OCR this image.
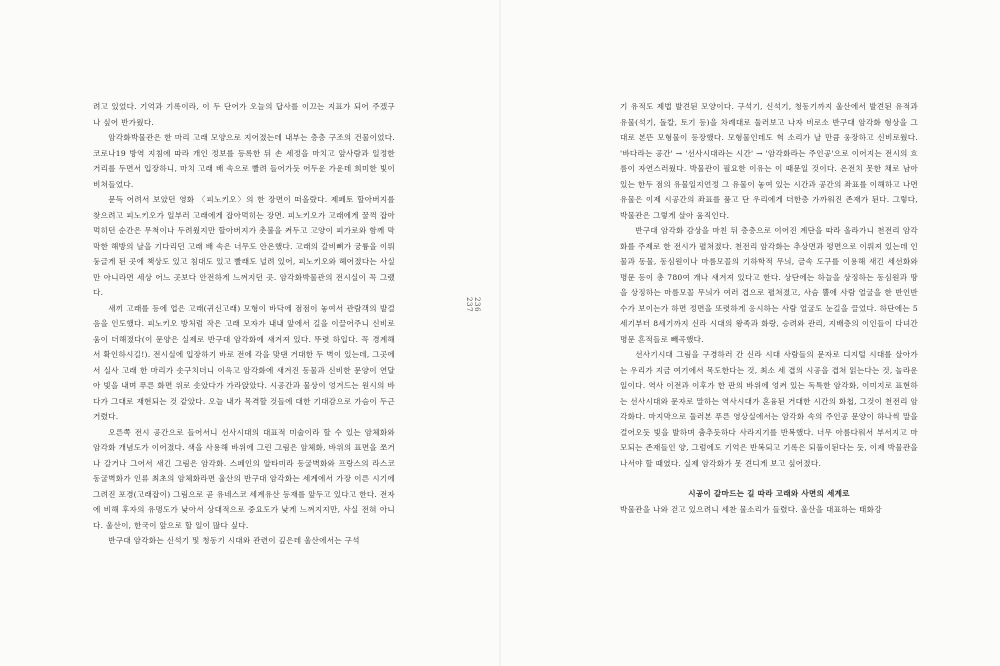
려고 있었다. 기억과 기록이라, 이 두 단어가 오늘의 답사를 이끄는 지표가 되어 주겠구나 싶어 반가웠다.

암각화박물관은 한 마리 고래 모양으로 지어졌는데 내부는 층층 구조의 건물이었다. 코로나19 방역 지침에 따라 개인 정보를 등록한 뒤 손 세정을 마치고 앞사람과 일정한 거리를 두면서 입장하니, 마치 고래 배 속으로 빨려 들어가듯 어두운 가운데 희미한 빛이 비쳐들었다.

문득 어려서 보았던 영화 〈피노키오〉의 한 장면이 떠올랐다. 제페토 할아버지를 찾으려고 피노키오가 일부러 고래에게 잡아먹히는 장면. 피노키오가 고래에게 꿀꺽 잡아먹히던 순간은 무척이나 두려웠지만 할아버지가 촛불을 켜두고 고양이 피가로와 함께 막막한 해방의 날을 기다리던 고래 배 속은 너무도 안온했다. 고래의 갈비뼈가 궁륭을 이뤄 둥글게 된 곳에 책상도 있고 침대도 있고 빨래도 널려 있어, 피노키오와 헤어졌다는 사실만 아니라면 세상 어느 곳보다 안전하게 느껴지던 곳. 암각화박물관의 전시실이 꼭 그랬다.

새끼 고래를 등에 업은 고래(귀신고래) 모형이 바닥에 점점이 놓여서 관람객의 발걸음을 인도했다. 피노키오 방처럼 작은 고래 모자가 내내 앞에서 길을 이끌어주니 신비로움이 더해졌다(이 문양은 실제로 반구대 암각화에 새겨져 있다. 뚜렷 하입다. 꼭 경계해서 확인하시길!). 전시실에 입장하기 바로 전에 각을 맞댄 거대한 두 벽이 있는데, 그곳에서 실사 고래 한 마리가 솟구치더니 이윽고 암각화에 새겨진 동물과 신비한 문양이 연달아 빛을 내며 푸른 화면 위로 솟았다가 가라앉았다. 시공간과 물상이 엉겨드는 원시의 바다가 그대로 재현되는 것 같았다. 오늘 내가 목격할 것들에 대한 기대감으로 가슴이 두근거렸다.

오른쪽 전시 공간으로 들어서니 선사시대의 대표적 미술이라 할 수 있는 암체화와 암각화 개념도가 이어졌다. 색을 사용해 바위에 그린 그림은 암체화, 바위의 표면을 쪼거나 갈거나 그어서 새긴 그림은 암각화. 스페인의 알타미라 동굴벽화와 프랑스의 라스코 동굴벽화가 인류 최초의 암체화라면 울산의 반구대 암각화는 세계에서 가장 이른 시기에 그려진 포경(고래잡이) 그림으로 곧 유네스코 세계유산 등재를 앞두고 있다고 한다. 전자에 비해 후자의 유명도가 낮아서 상대적으로 중요도가 낮게 느껴지지만, 사실 전혀 아니다. 울산이, 한국이 앞으로 할 일이 많다 싶다.

반구대 암각화는 신석기 및 청동기 시대와 관련이 깊은데 울산에서는 구석

236
237

기 유적도 제법 발견된 모양이다. 구석기, 신석기, 청동기까지 울산에서 발견된 유적과 유물(석기, 돌칼, 토기 등)을 차례대로 둘러보고 나자 비로소 반구대 암각화 형상을 그대로 본뜬 모형물이 등장했다. 모형물인데도 헉 소리가 날 만큼 웅장하고 신비로웠다. '바다라는 공간' → '선사시대라는 시간' → '암각화라는 주인공'으로 이어지는 전시의 흐름이 자연스러웠다. 박물관이 필요한 이유는 이 때문일 것이다. 온전치 못한 채로 남아 있는 한두 점의 유물일지언정 그 유물이 놓여 있는 시간과 공간의 좌표를 이해하고 나면 유물은 이제 시공간의 좌표를 품고 단 우리에게 더한층 가까워진 존재가 된다. 그렇다, 박물관은 그렇게 살아 움직인다.

반구대 암각화 감상을 마친 뒤 층층으로 이어진 계단을 따라 올라가니 천전리 암각화를 주제로 한 전시가 펼쳐졌다. 천전리 암각화는 추상면과 평면으로 이뤄져 있는데 인물과 동물, 동심원이나 마름모꼴의 기하학적 무늬, 금속 도구를 이용해 새긴 세선화와 명문 등이 총 780여 개나 새겨져 있다고 한다. 상단에는 하늘을 상징하는 동심원과 땅을 상징하는 마름모꼴 무늬가 여러 겹으로 펼쳐졌고, 사슴 뿔에 사람 얼굴을 한 반인반수가 보이는가 하면 정면을 또렷하게 응시하는 사람 얼굴도 눈길을 끌었다. 하단에는 5세기부터 8세기까지 신라 시대의 왕족과 화랑, 승려와 관리, 지배층의 이인들이 다녀간 명문 흔적들로 빼곡했다.

선사기시대 그림을 구경하러 간 신라 시대 사람들의 문자로 디지털 시대를 살아가는 우리가 지금 여기에서 목도한다는 것, 최소 세 겹의 시공을 겹쳐 읽는다는 것, 놀라운 일이다. 역사 이전과 이후가 한 판의 바위에 엉켜 있는 독특한 암각화, 이미지로 표현하는 선사시대와 문자로 말하는 역사시대가 혼융된 거대한 시간의 화첩, 그것이 천전리 암각화다. 마지막으로 둘러본 푸른 영상실에서는 암각화 속의 주인공 문양이 하나씩 말을 걸어오듯 빛을 발하며 춤추듯하다 사라지기를 반복했다. 너무 아름다워서 부서지고 마모되는 존재들인 양, 그럼에도 기억은 반복되고 기록은 되풀이된다는 듯, 이제 박물관을 나서야 할 때였다. 실제 암각화가 못 견디게 보고 싶어졌다.

시공이 갈마드는 길 따라 고래와 사면의 세계로

박물관을 나와 걷고 있으려니 세찬 물소리가 들렸다. 울산을 대표하는 태화강
